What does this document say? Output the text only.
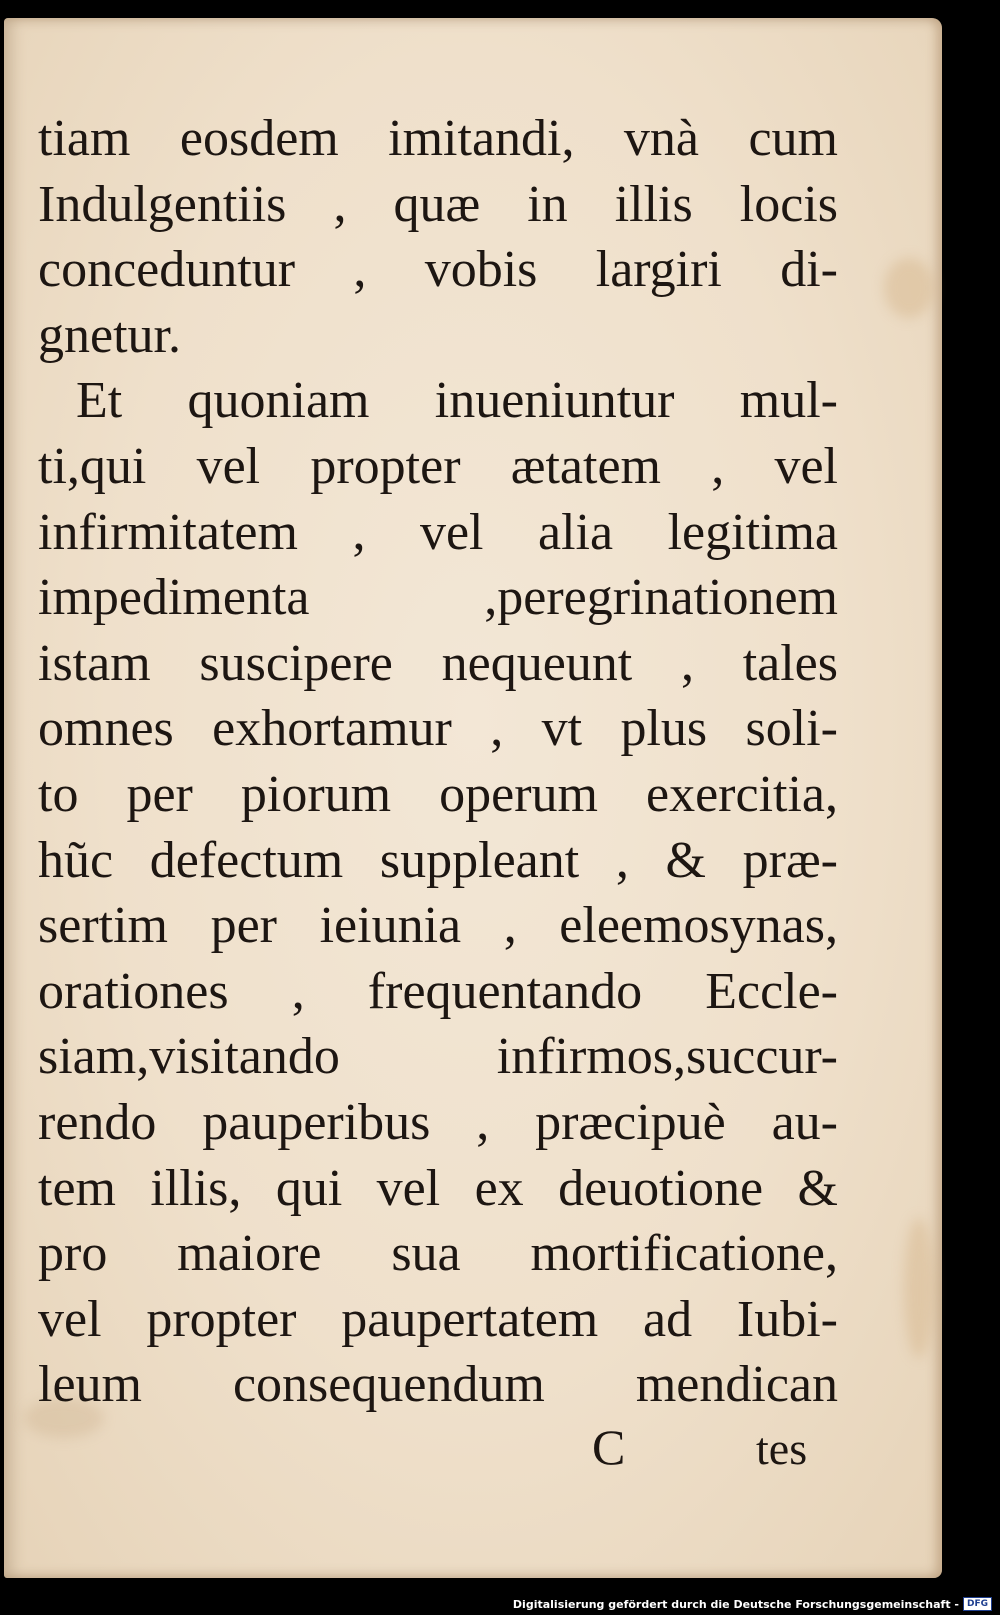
tiam eosdem imitandi, vnà cum
Indulgentiis , quæ in illis locis
conceduntur , vobis largiri di-
gnetur.
Et quoniam inueniuntur mul-
ti,qui vel propter ætatem , vel
infirmitatem , vel alia legitima
impedimenta ,peregrinationem
istam suscipere nequeunt , tales
omnes exhortamur , vt plus soli-
to per piorum operum exercitia,
hũc defectum suppleant , & præ-
sertim per ieiunia , eleemosynas,
orationes , frequentando Eccle-
siam,visitando infirmos,succur-
rendo pauperibus , præcipuè au-
tem illis, qui vel ex deuotione &
pro maiore sua mortificatione,
vel propter paupertatem ad Iubi-
leum consequendum mendican
C	tes
Digitalisierung gefördert durch die Deutsche Forschungsgemeinschaft - DFG
